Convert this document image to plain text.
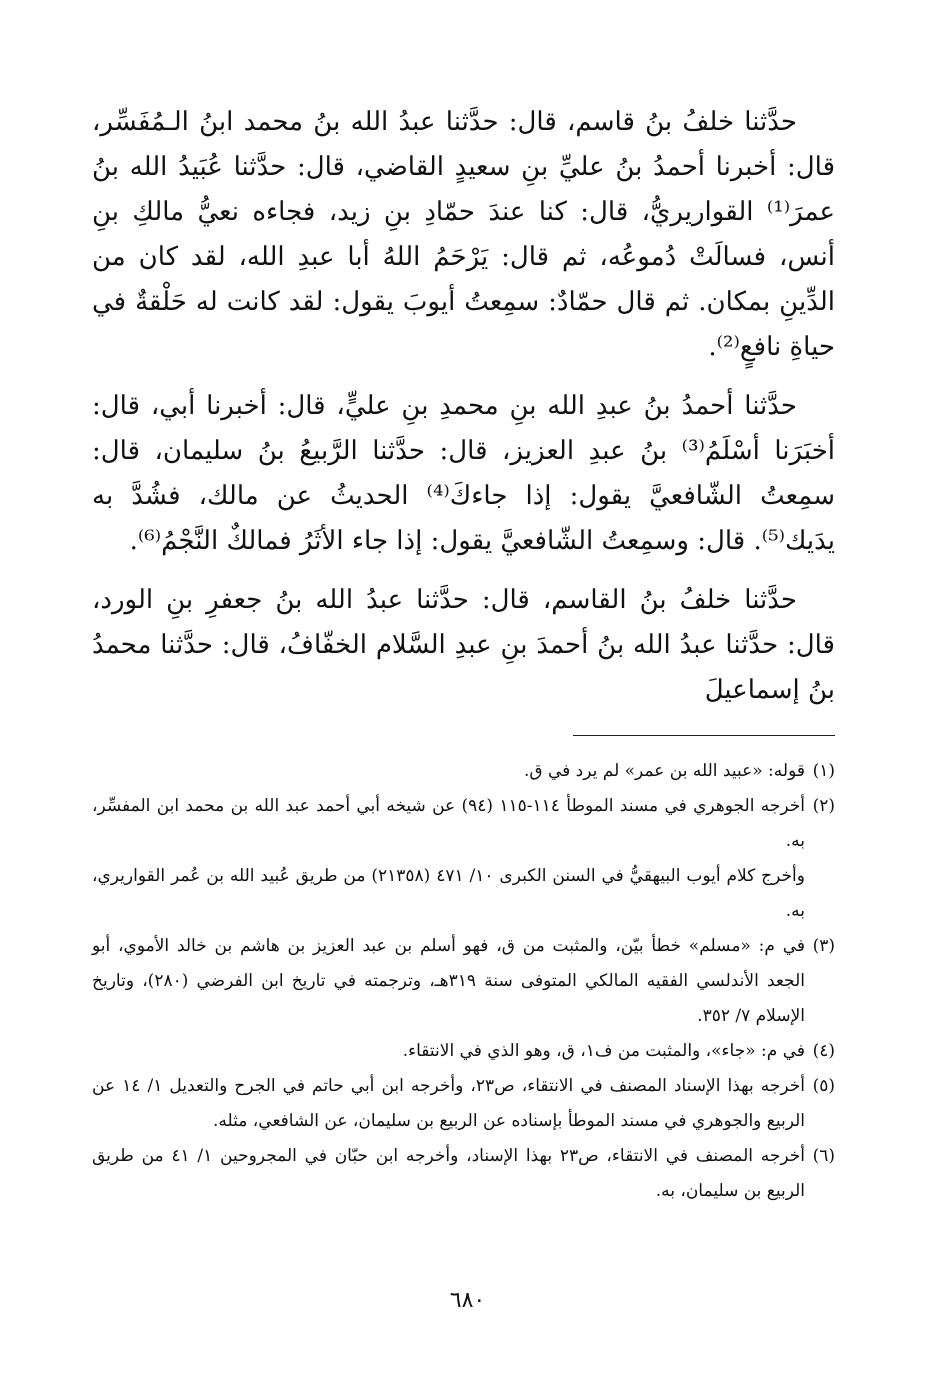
حدَّثنا خلفُ بنُ قاسم، قال: حدَّثنا عبدُ الله بنُ محمد ابنُ الـمُفَسِّر، قال: أخبرنا أحمدُ بنُ عليِّ بنِ سعيدٍ القاضي، قال: حدَّثنا عُبَيدُ الله بنُ عمرَ⁽¹⁾ القواريريُّ، قال: كنا عندَ حمّادِ بنِ زيد، فجاءه نعيُّ مالكِ بنِ أنس، فسالَتْ دُموعُه، ثم قال: يَرْحَمُ اللهُ أبا عبدِ الله، لقد كان من الدِّينِ بمكان. ثم قال حمّادٌ: سمِعتُ أيوبَ يقول: لقد كانت له حَلْقةٌ في حياةِ نافعٍ⁽²⁾.

حدَّثنا أحمدُ بنُ عبدِ الله بنِ محمدِ بنِ عليٍّ، قال: أخبرنا أبي، قال: أخبَرَنا أسْلَمُ⁽³⁾ بنُ عبدِ العزيز، قال: حدَّثنا الرَّبيعُ بنُ سليمان، قال: سمِعتُ الشّافعيَّ يقول: إذا جاءكَ⁽⁴⁾ الحديثُ عن مالك، فشُدَّ به يدَيك⁽⁵⁾. قال: وسمِعتُ الشّافعيَّ يقول: إذا جاء الأثَرُ فمالكٌ النَّجْمُ⁽⁶⁾.

حدَّثنا خلفُ بنُ القاسم، قال: حدَّثنا عبدُ الله بنُ جعفرِ بنِ الورد، قال: حدَّثنا عبدُ الله بنُ أحمدَ بنِ عبدِ السَّلام الخفّافُ، قال: حدَّثنا محمدُ بنُ إسماعيلَ

(١)
قوله: «عبيد الله بن عمر» لم يرد في ق.
(٢)
أخرجه الجوهري في مسند الموطأ ١١٤-١١٥ (٩٤) عن شيخه أبي أحمد عبد الله بن محمد ابن المفسِّر، به.
وأخرج كلام أيوب البيهقيُّ في السنن الكبرى ١٠/ ٤٧١ (٢١٣٥٨) من طريق عُبيد الله بن عُمر القواريري، به.
(٣)
في م: «مسلم» خطأ بيّن، والمثبت من ق، فهو أسلم بن عبد العزيز بن هاشم بن خالد الأموي، أبو الجعد الأندلسي الفقيه المالكي المتوفى سنة ٣١٩هـ، وترجمته في تاريخ ابن الفرضي (٢٨٠)، وتاريخ الإسلام ٧/ ٣٥٢.
(٤)
في م: «جاء»، والمثبت من ف١، ق، وهو الذي في الانتقاء.
(٥)
أخرجه بهذا الإسناد المصنف في الانتقاء، ص٢٣، وأخرجه ابن أبي حاتم في الجرح والتعديل ١/ ١٤ عن الربيع والجوهري في مسند الموطأ بإسناده عن الربيع بن سليمان، عن الشافعي، مثله.
(٦)
أخرجه المصنف في الانتقاء، ص٢٣ بهذا الإسناد، وأخرجه ابن حبّان في المجروحين ١/ ٤١ من طريق الربيع بن سليمان، به.
٦٨٠
